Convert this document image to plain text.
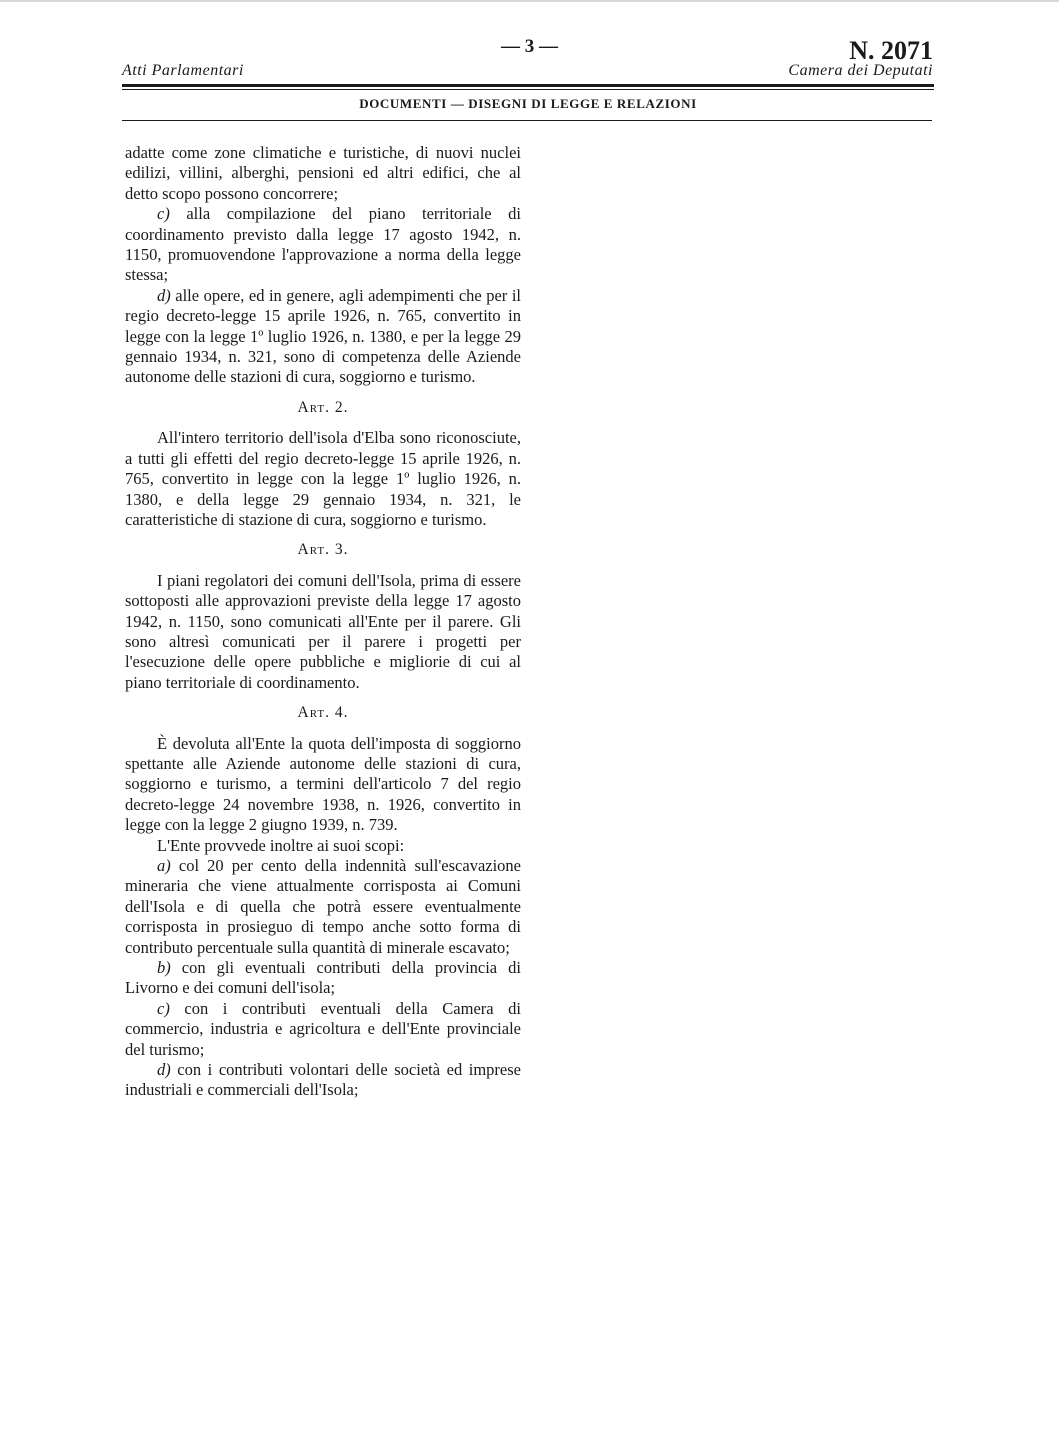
Atti Parlamentari
— 3 —	N. 2071
Camera dei Deputati
DOCUMENTI — DISEGNI DI LEGGE E RELAZIONI

adatte come zone climatiche e turistiche, di nuovi nuclei edilizi, villini, alberghi, pensioni ed altri edifici, che al detto scopo possono concorrere;

c) alla compilazione del piano territoriale di coordinamento previsto dalla legge 17 agosto 1942, n. 1150, promuovendone l'approvazione a norma della legge stessa;

d) alle opere, ed in genere, agli adempimenti che per il regio decreto-legge 15 aprile 1926, n. 765, convertito in legge con la legge 1º luglio 1926, n. 1380, e per la legge 29 gennaio 1934, n. 321, sono di competenza delle Aziende autonome delle stazioni di cura, soggiorno e turismo.

Art. 2.

All'intero territorio dell'isola d'Elba sono riconosciute, a tutti gli effetti del regio decreto-legge 15 aprile 1926, n. 765, convertito in legge con la legge 1º luglio 1926, n. 1380, e della legge 29 gennaio 1934, n. 321, le caratteristiche di stazione di cura, soggiorno e turismo.

Art. 3.

I piani regolatori dei comuni dell'Isola, prima di essere sottoposti alle approvazioni previste della legge 17 agosto 1942, n. 1150, sono comunicati all'Ente per il parere. Gli sono altresì comunicati per il parere i progetti per l'esecuzione delle opere pubbliche e migliorie di cui al piano territoriale di coordinamento.

Art. 4.

È devoluta all'Ente la quota dell'imposta di soggiorno spettante alle Aziende autonome delle stazioni di cura, soggiorno e turismo, a termini dell'articolo 7 del regio decreto-legge 24 novembre 1938, n. 1926, convertito in legge con la legge 2 giugno 1939, n. 739.

L'Ente provvede inoltre ai suoi scopi:

a) col 20 per cento della indennità sull'escavazione mineraria che viene attualmente corrisposta ai Comuni dell'Isola e di quella che potrà essere eventualmente corrisposta in prosieguo di tempo anche sotto forma di contributo percentuale sulla quantità di minerale escavato;

b) con gli eventuali contributi della provincia di Livorno e dei comuni dell'isola;

c) con i contributi eventuali della Camera di commercio, industria e agricoltura e dell'Ente provinciale del turismo;

d) con i contributi volontari delle società ed imprese industriali e commerciali dell'Isola;
